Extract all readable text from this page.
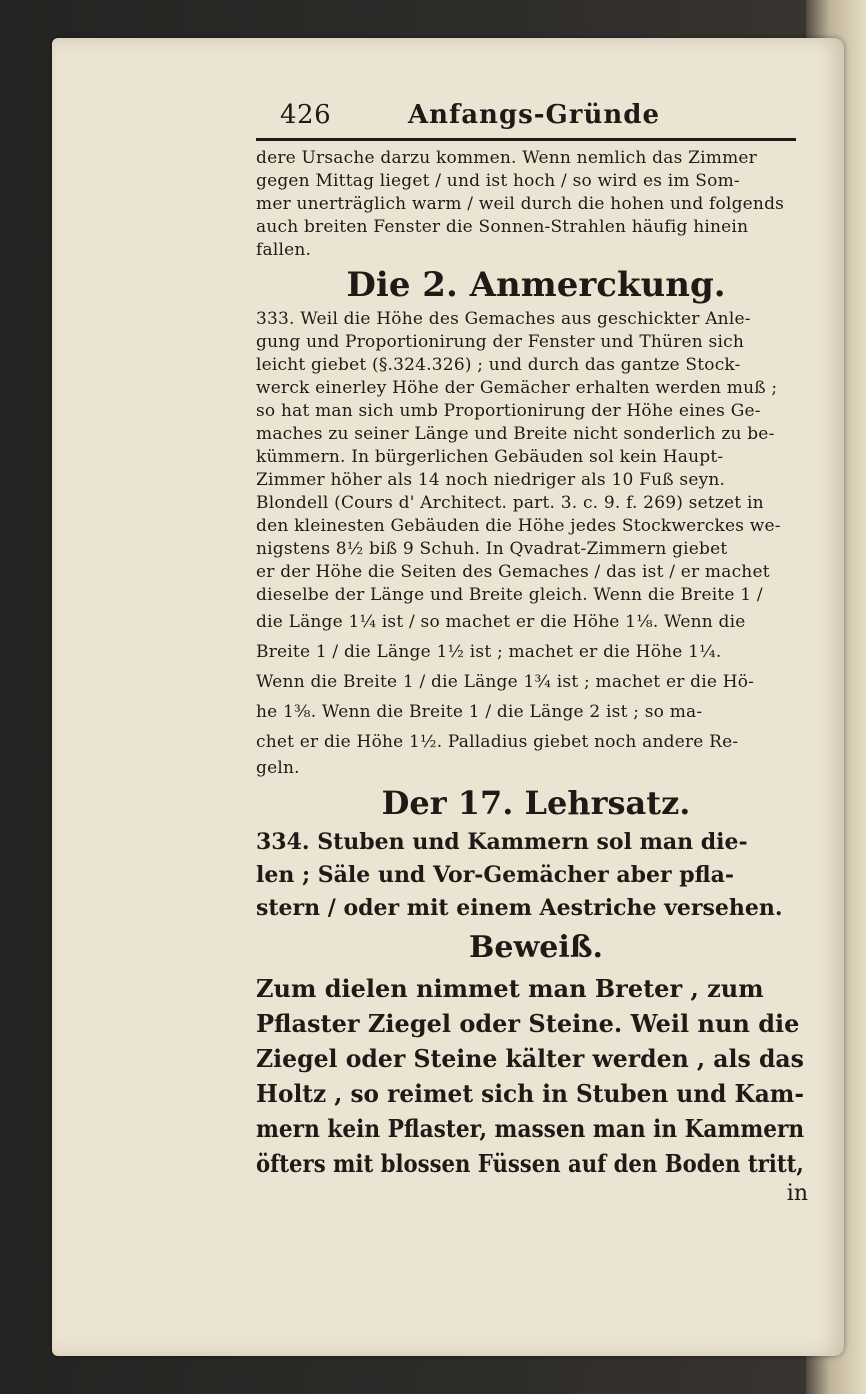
426	Anfangs-Gründe
dere Ursache darzu kommen. Wenn nemlich das Zimmer
gegen Mittag lieget / und ist hoch / so wird es im Som-
mer unerträglich warm / weil durch die hohen und folgends
auch breiten Fenster die Sonnen-Strahlen häufig hinein
fallen.

Die 2. Anmerckung.

333. Weil die Höhe des Gemaches aus geschickter Anle-
gung und Proportionirung der Fenster und Thüren sich
leicht giebet (§.324.326) ; und durch das gantze Stock-
werck einerley Höhe der Gemächer erhalten werden muß ;
so hat man sich umb Proportionirung der Höhe eines Ge-
maches zu seiner Länge und Breite nicht sonderlich zu be-
kümmern. In bürgerlichen Gebäuden sol kein Haupt-
Zimmer höher als 14 noch niedriger als 10 Fuß seyn.
Blondell (Cours d' Architect. part. 3. c. 9. f. 269) setzet in
den kleinesten Gebäuden die Höhe jedes Stockwerckes we-
nigstens 8½ biß 9 Schuh. In Qvadrat-Zimmern giebet
er der Höhe die Seiten des Gemaches / das ist / er machet
dieselbe der Länge und Breite gleich. Wenn die Breite 1 /
die Länge 1¼ ist / so machet er die Höhe 1⅛. Wenn die
Breite 1 / die Länge 1½ ist ; machet er die Höhe 1¼.
Wenn die Breite 1 / die Länge 1¾ ist ; machet er die Hö-
he 1⅜. Wenn die Breite 1 / die Länge 2 ist ; so ma-
chet er die Höhe 1½. Palladius giebet noch andere Re-
geln.

Der 17. Lehrsatz.

334. Stuben und Kammern sol man die-
len ; Säle und Vor-Gemächer aber pfla-
stern / oder mit einem Aestriche versehen.

Beweiß.

Zum dielen nimmet man Breter , zum
Pflaster Ziegel oder Steine. Weil nun die
Ziegel oder Steine kälter werden , als das
Holtz , so reimet sich in Stuben und Kam-
mern kein Pflaster, massen man in Kammern
öfters mit blossen Füssen auf den Boden tritt,
in
